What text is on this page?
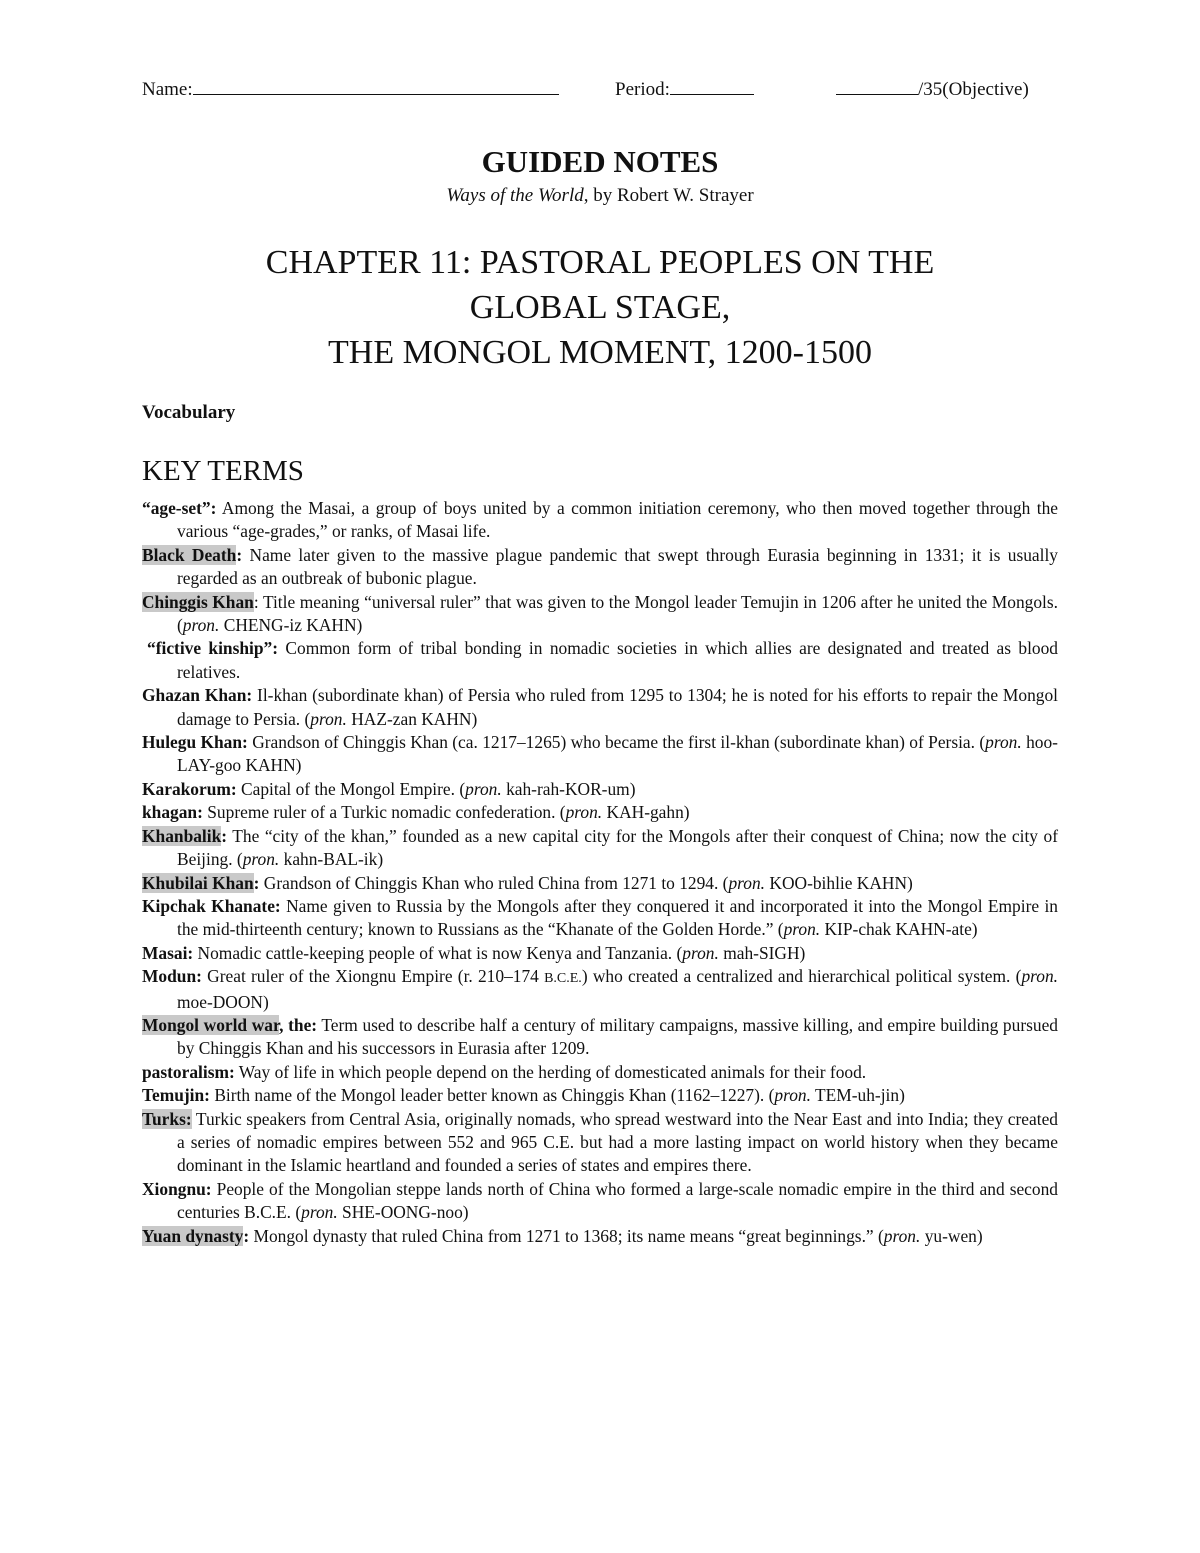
Name:	Period:	/35(Objective)
GUIDED NOTES
Ways of the World, by Robert W. Strayer
CHAPTER 11: PASTORAL PEOPLES ON THE
GLOBAL STAGE,
THE MONGOL MOMENT, 1200-1500
Vocabulary
KEY TERMS

“age-set”: Among the Masai, a group of boys united by a common initiation ceremony, who then moved together through the various “age-grades,” or ranks, of Masai life.

Black Death: Name later given to the massive plague pandemic that swept through Eurasia beginning in 1331; it is usually regarded as an outbreak of bubonic plague.

Chinggis Khan: Title meaning “universal ruler” that was given to the Mongol leader Temujin in 1206 after he united the Mongols. (pron. CHENG-iz KAHN)

“fictive kinship”: Common form of tribal bonding in nomadic societies in which allies are designated and treated as blood relatives.

Ghazan Khan: Il-khan (subordinate khan) of Persia who ruled from 1295 to 1304; he is noted for his efforts to repair the Mongol damage to Persia. (pron. HAZ-zan KAHN)

Hulegu Khan: Grandson of Chinggis Khan (ca. 1217–1265) who became the first il-khan (subordinate khan) of Persia. (pron. hoo-LAY-goo KAHN)

Karakorum: Capital of the Mongol Empire. (pron. kah-rah-KOR-um)

khagan: Supreme ruler of a Turkic nomadic confederation. (pron. KAH-gahn)

Khanbalik: The “city of the khan,” founded as a new capital city for the Mongols after their conquest of China; now the city of Beijing. (pron. kahn-BAL-ik)

Khubilai Khan: Grandson of Chinggis Khan who ruled China from 1271 to 1294. (pron. KOO-bihlie KAHN)

Kipchak Khanate: Name given to Russia by the Mongols after they conquered it and incorporated it into the Mongol Empire in the mid-thirteenth century; known to Russians as the “Khanate of the Golden Horde.” (pron. KIP-chak KAHN-ate)

Masai: Nomadic cattle-keeping people of what is now Kenya and Tanzania. (pron. mah-SIGH)

Modun: Great ruler of the Xiongnu Empire (r. 210–174 B.C.E.) who created a centralized and hierarchical political system. (pron. moe-DOON)

Mongol world war, the: Term used to describe half a century of military campaigns, massive killing, and empire building pursued by Chinggis Khan and his successors in Eurasia after 1209.

pastoralism: Way of life in which people depend on the herding of domesticated animals for their food.

Temujin: Birth name of the Mongol leader better known as Chinggis Khan (1162–1227). (pron. TEM-uh-jin)

Turks: Turkic speakers from Central Asia, originally nomads, who spread westward into the Near East and into India; they created a series of nomadic empires between 552 and 965 C.E. but had a more lasting impact on world history when they became dominant in the Islamic heartland and founded a series of states and empires there.

Xiongnu: People of the Mongolian steppe lands north of China who formed a large-scale nomadic empire in the third and second centuries B.C.E. (pron. SHE-OONG-noo)

Yuan dynasty: Mongol dynasty that ruled China from 1271 to 1368; its name means “great beginnings.” (pron. yu-wen)
